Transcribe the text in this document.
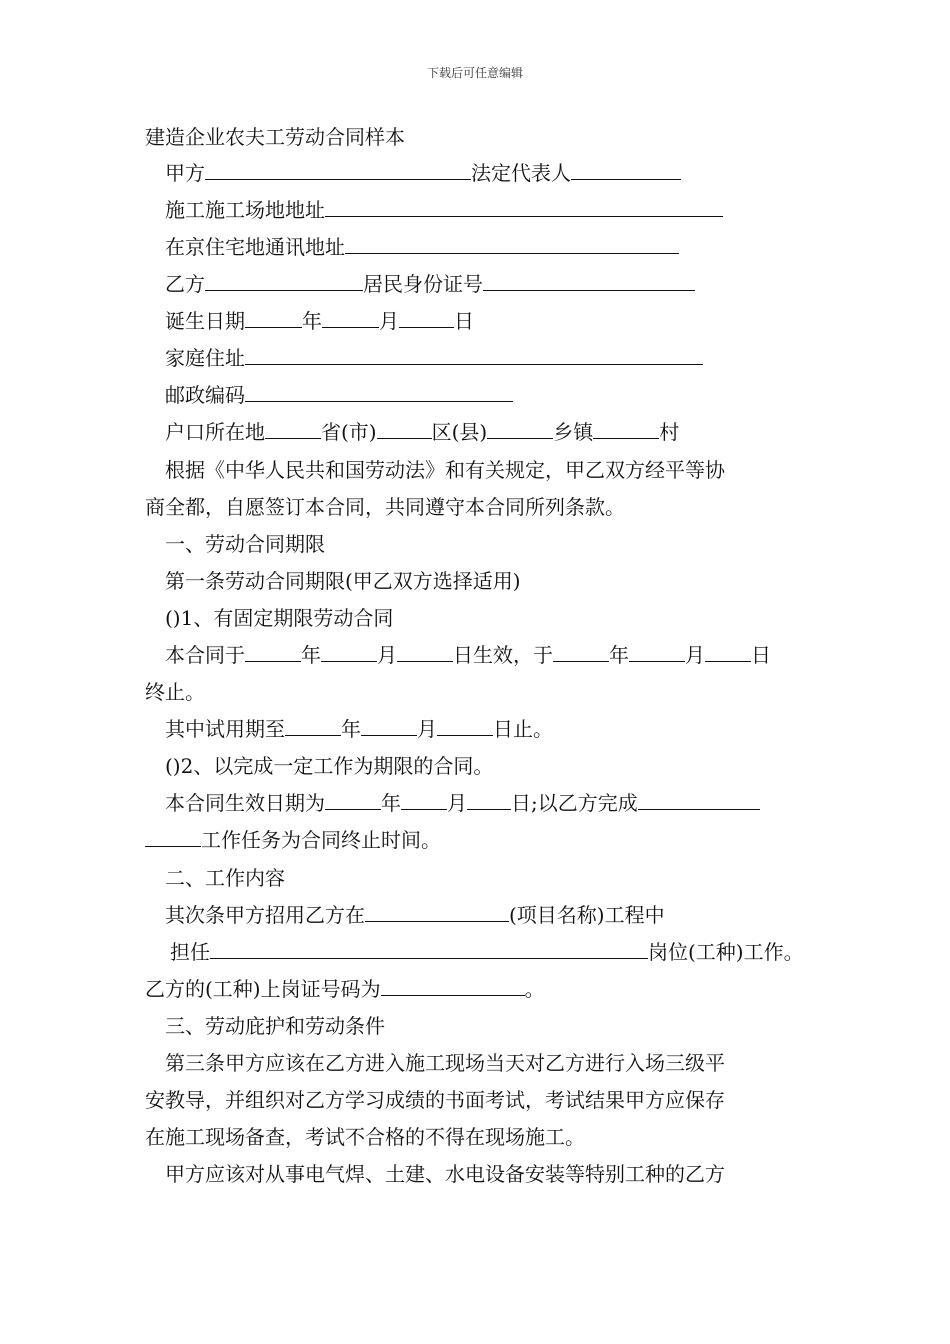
下载后可任意编辑
建造企业农夫工劳动合同样本
甲方	法定代表人
施工施工场地地址
在京住宅地通讯地址
乙方	居民身份证号
诞生日期	年	月	日
家庭住址
邮政编码
户口所在地	省(市)	区(县)	乡镇	村
根据《中华人民共和国劳动法》和有关规定，甲乙双方经平等协
商全都，自愿签订本合同，共同遵守本合同所列条款。
一、劳动合同期限
第一条劳动合同期限(甲乙双方选择适用)
()1、有固定期限劳动合同
本合同于	年	月	日生效，于	年	月 日
终止。
其中试用期至	年	月	日止。
()2、以完成一定工作为期限的合同。
本合同生效日期为	年 月 日;以乙方完成
工作任务为合同终止时间。
二、工作内容
其次条甲方招用乙方在	(项目名称)工程中
担任	岗位(工种)工作。
乙方的(工种)上岗证号码为	。
三、劳动庇护和劳动条件
第三条甲方应该在乙方进入施工现场当天对乙方进行入场三级平
安教导，并组织对乙方学习成绩的书面考试，考试结果甲方应保存
在施工现场备查，考试不合格的不得在现场施工。
甲方应该对从事电气焊、土建、水电设备安装等特别工种的乙方
